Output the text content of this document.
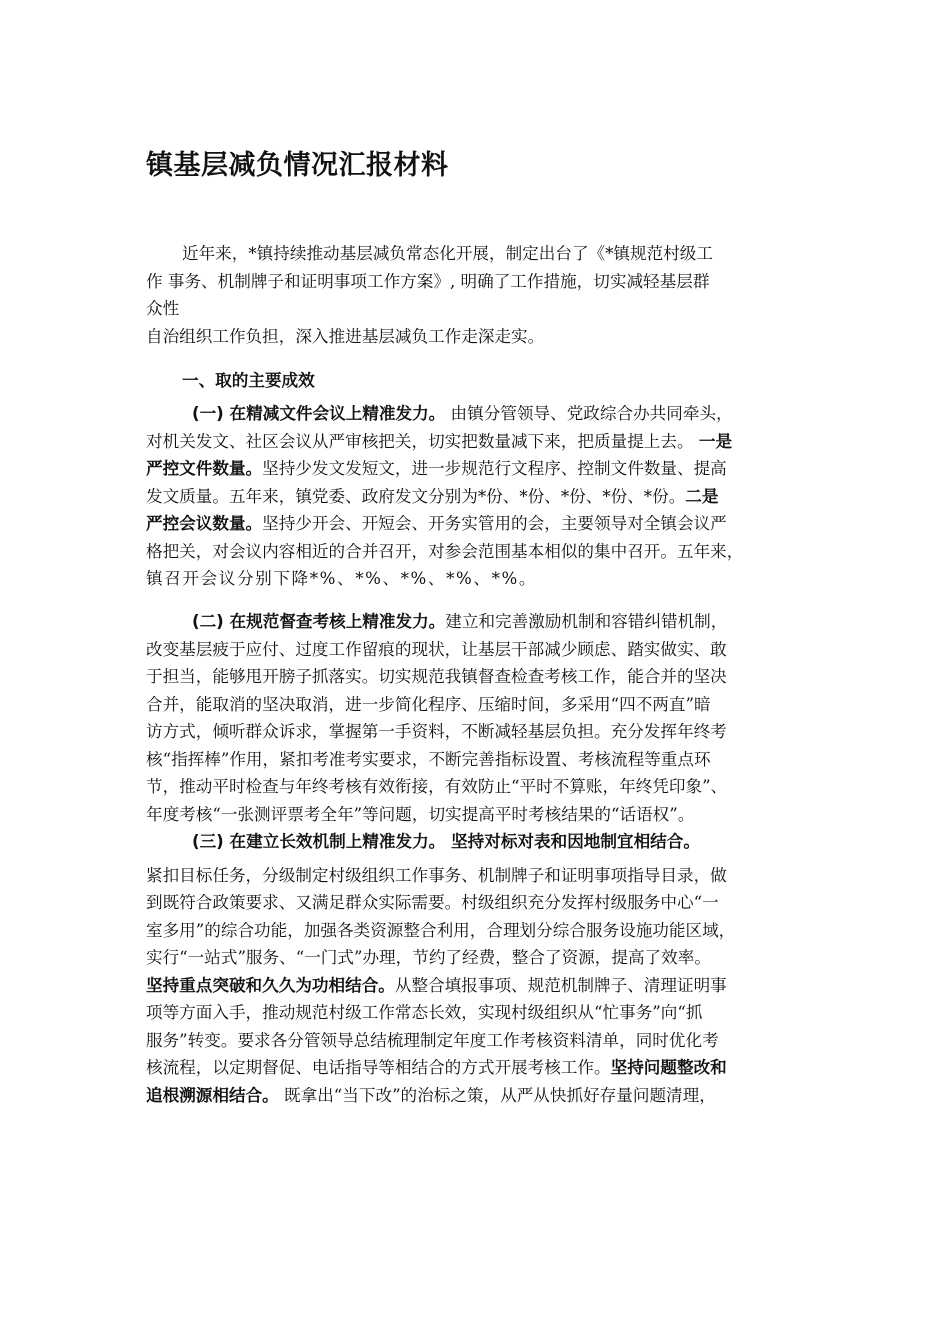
镇基层减负情况汇报材料
近年来，*镇持续推动基层减负常态化开展，制定出台了《*镇规范村级工
作 事务、机制牌子和证明事项工作方案》, 明确了工作措施，切实减轻基层群
众性
自治组织工作负担，深入推进基层减负工作走深走实。
一、取的主要成效
(一) 在精减文件会议上精准发力。 由镇分管领导、党政综合办共同牵头，
对机关发文、社区会议从严审核把关，切实把数量减下来，把质量提上去。 一是
严控文件数量。坚持少发文发短文，进一步规范行文程序、控制文件数量、提高
发文质量。五年来，镇党委、政府发文分别为*份、*份、*份、*份、*份。二是
严控会议数量。坚持少开会、开短会、开务实管用的会，主要领导对全镇会议严
格把关，对会议内容相近的合并召开，对参会范围基本相似的集中召开。五年来，
镇召开会议分别下降*%、*%、*%、*%、*%。
(二) 在规范督查考核上精准发力。建立和完善激励机制和容错纠错机制，
改变基层疲于应付、过度工作留痕的现状，让基层干部减少顾虑、踏实做实、敢
于担当，能够甩开膀子抓落实。切实规范我镇督查检查考核工作，能合并的坚决
合并，能取消的坚决取消，进一步简化程序、压缩时间，多采用“四不两直”暗
访方式，倾听群众诉求，掌握第一手资料，不断减轻基层负担。充分发挥年终考
核“指挥棒”作用，紧扣考准考实要求，不断完善指标设置、考核流程等重点环
节，推动平时检查与年终考核有效衔接，有效防止“平时不算账，年终凭印象”、
年度考核“一张测评票考全年”等问题，切实提高平时考核结果的“话语权”。
(三) 在建立长效机制上精准发力。 坚持对标对表和因地制宜相结合。
紧扣目标任务，分级制定村级组织工作事务、机制牌子和证明事项指导目录，做
到既符合政策要求、又满足群众实际需要。村级组织充分发挥村级服务中心“一
室多用”的综合功能，加强各类资源整合利用，合理划分综合服务设施功能区域，
实行“一站式”服务、“一门式”办理，节约了经费，整合了资源，提高了效率。
坚持重点突破和久久为功相结合。从整合填报事项、规范机制牌子、清理证明事
项等方面入手，推动规范村级工作常态长效，实现村级组织从“忙事务”向“抓
服务”转变。要求各分管领导总结梳理制定年度工作考核资料清单，同时优化考
核流程，以定期督促、电话指导等相结合的方式开展考核工作。坚持问题整改和
追根溯源相结合。 既拿出“当下改”的治标之策，从严从快抓好存量问题清理，
